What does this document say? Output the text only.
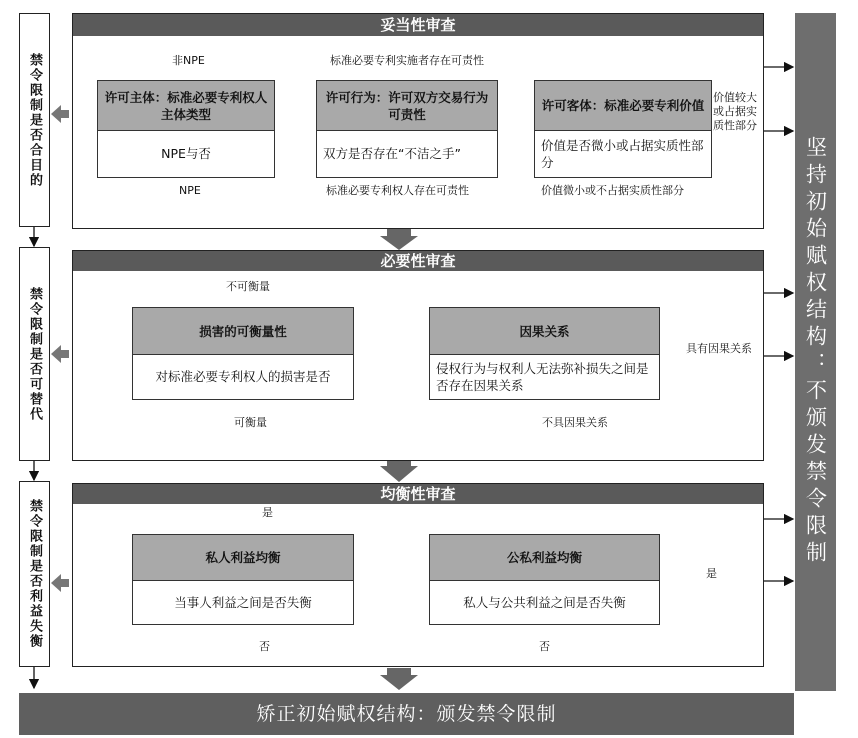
禁令限制是否合目的
禁令限制是否可替代
禁令限制是否利益失衡
妥当性审查
非NPE	标准必要专利实施者存在可责性
价值较大或占据实质性部分
许可主体：标准必要专利权人主体类型
NPE与否
许可行为：许可双方交易行为可责性
双方是否存在“不洁之手”
许可客体：标准必要专利价值
价值是否微小或占据实质性部分
NPE	标准必要专利权人存在可责性	价值微小或不占据实质性部分
必要性审查
不可衡量
具有因果关系
损害的可衡量性
对标准必要专利权人的损害是否
因果关系
侵权行为与权利人无法弥补损失之间是否存在因果关系
可衡量	不具因果关系
均衡性审查
是
是
私人利益均衡
当事人利益之间是否失衡
公私利益均衡
私人与公共利益之间是否失衡
否	否
坚持初始赋权结构：不颁发禁令限制
矫正初始赋权结构：颁发禁令限制
